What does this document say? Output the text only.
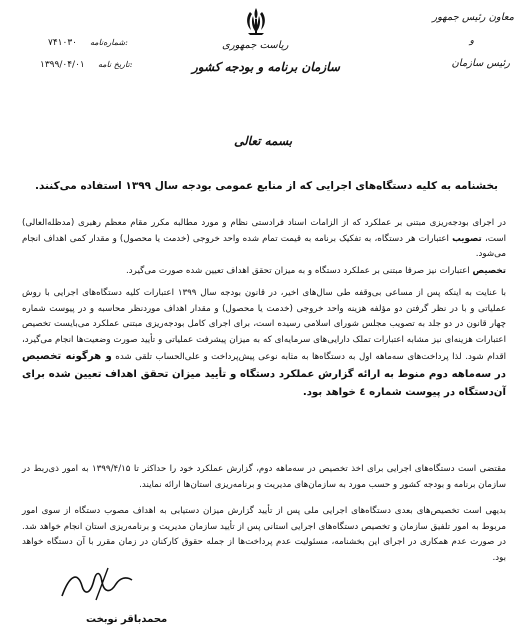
معاون رئیس جمهور
و
رئیس سازمان
ریاست جمهوری
سازمان برنامه و بودجه کشور
شماره‌نامه:
۷۴۱۰۳۰
تاریخ نامه:
۱۳۹۹/۰۴/۰۱
بسمه تعالی
بخشنامه به کلیه دستگاه‌های اجرایی که از منابع عمومی بودجه سال ۱۳۹۹ استفاده می‌کنند.
در اجرای بودجه‌ریزی مبتنی بر عملکرد که از الزامات اسناد فرادستی نظام و مورد مطالبه مکرر مقام معظم رهبری (مدظله‌العالی) است، تصویب اعتبارات هر دستگاه، به تفکیک برنامه به قیمت تمام شده واحد خروجی (خدمت یا محصول) و مقدار کمی اهداف انجام می‌شود.
تخصیص اعتبارات نیز صرفا مبتنی بر عملکرد دستگاه و به میزان تحقق اهداف تعیین شده صورت می‌گیرد.
با عنایت به اینکه پس از مساعی بی‌وقفه طی سال‌های اخیر، در قانون بودجه سال ۱۳۹۹ اعتبارات کلیه دستگاه‌های اجرایی با روش عملیاتی و با در نظر گرفتن دو مؤلفه هزینه واحد خروجی (خدمت یا محصول) و مقدار اهداف موردنظر محاسبه و در پیوست شماره چهار قانون در دو جلد به تصویب مجلس شورای اسلامی رسیده است، برای اجرای کامل بودجه‌ریزی مبتنی عملکرد می‌بایست تخصیص اعتبارات هزینه‌ای نیز مشابه اعتبارات تملک دارایی‌های سرمایه‌ای که به میزان پیشرفت عملیاتی و تأیید صورت وضعیت‌ها انجام می‌گیرد، اقدام شود. لذا پرداخت‌های سه‌ماهه اول به دستگاه‌ها به مثابه نوعی پیش‌پرداخت و علی‌الحساب تلقی شده و هرگونه تخصیص در سه‌ماهه دوم منوط به ارائه گزارش عملکرد دستگاه و تأیید میزان تحقق اهداف تعیین شده برای آن‌دستگاه در پیوست شماره ٤ خواهد بود.
مقتضی است دستگاه‌های اجرایی برای اخذ تخصیص در سه‌ماهه دوم، گزارش عملکرد خود را حداکثر تا ۱۳۹۹/۴/۱۵ به امور ذی‌ربط در سازمان برنامه و بودجه کشور و حسب مورد به سازمان‌های مدیریت و برنامه‌ریزی استان‌ها ارائه نمایند.
بدیهی است تخصیص‌های بعدی دستگاه‌های اجرایی ملی پس از تأیید گزارش میزان دستیابی به اهداف مصوب دستگاه از سوی امور مربوط به امور تلفیق سازمان و تخصیص دستگاه‌های اجرایی استانی پس از تأیید سازمان مدیریت و برنامه‌ریزی استان انجام خواهد شد. در صورت عدم همکاری در اجرای این بخشنامه، مسئولیت عدم پرداخت‌ها از جمله حقوق کارکنان در زمان مقرر با آن دستگاه خواهد بود.
محمدباقر نوبخت
